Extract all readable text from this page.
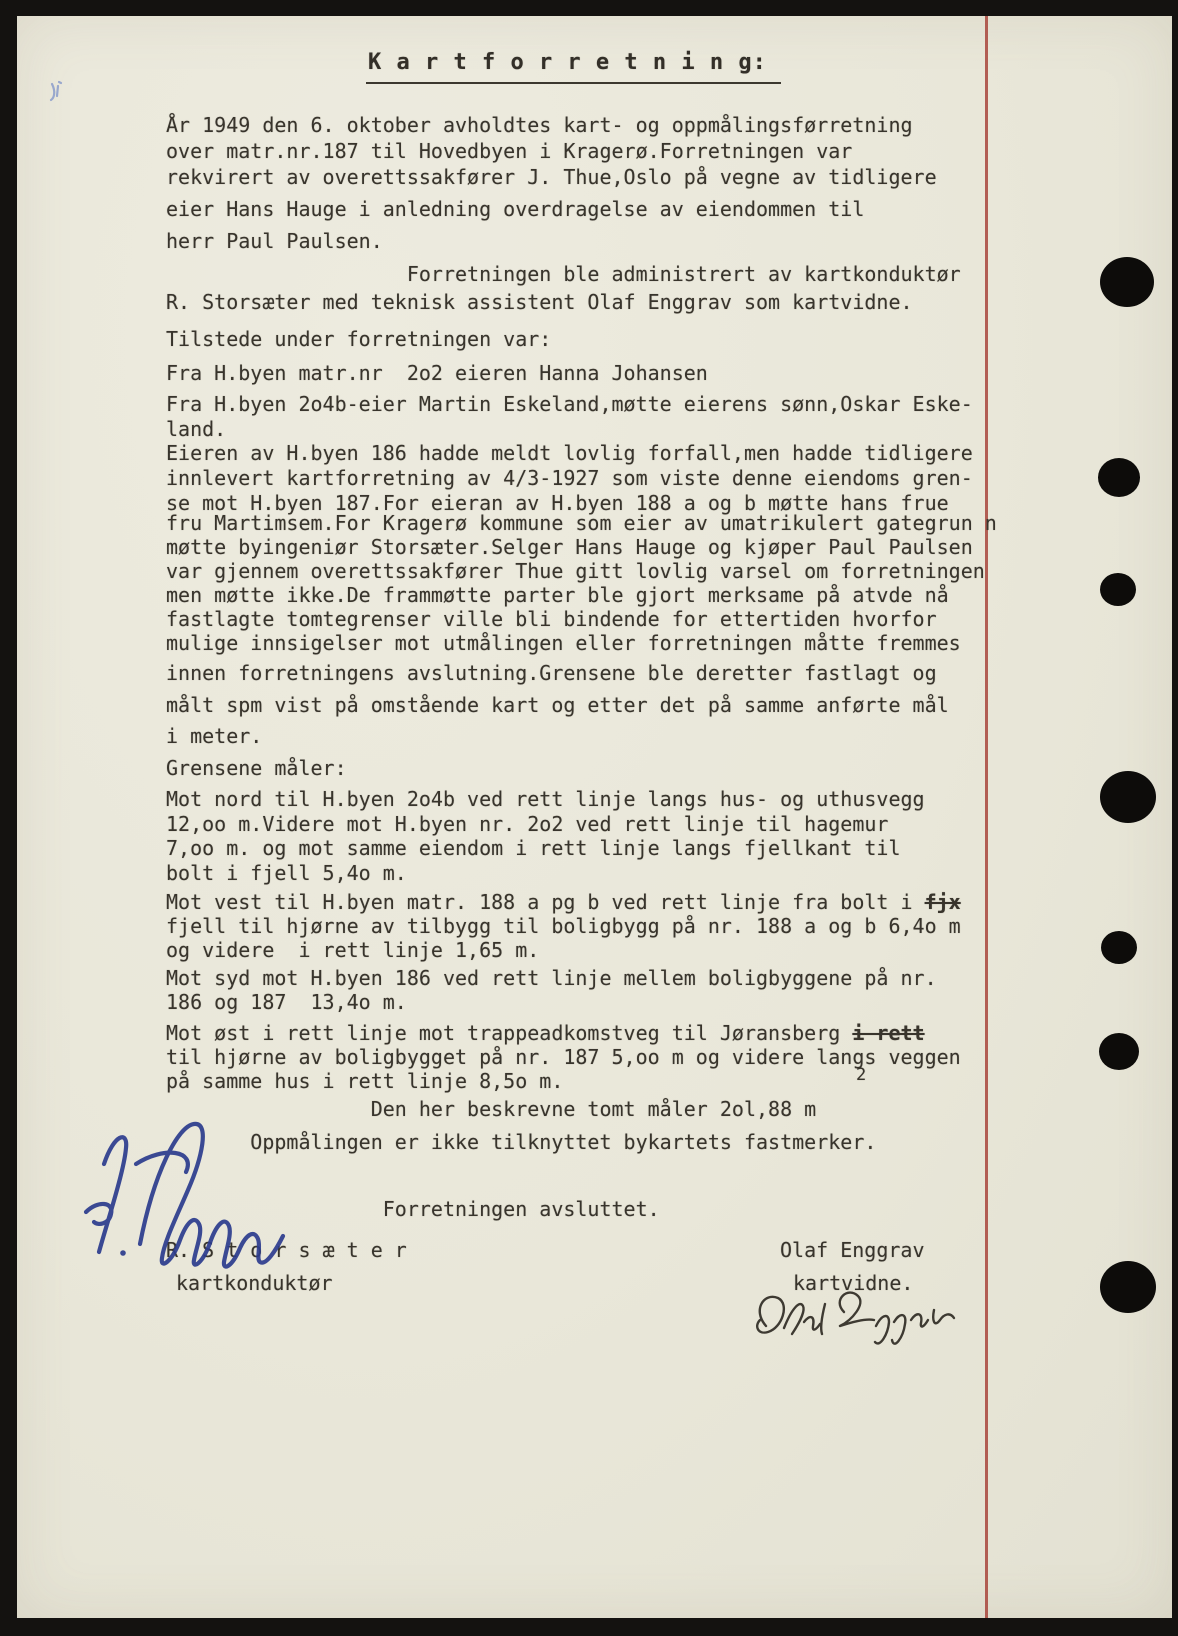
K a r t f o r r e t n i n g:
År 1949 den 6. oktober avholdtes kart- og oppmålingsførretning
over matr.nr.187 til Hovedbyen i Kragerø.Forretningen var
rekvirert av overettssakfører J. Thue,Oslo på vegne av tidligere
eier Hans Hauge i anledning overdragelse av eiendommen til
herr Paul Paulsen.
Forretningen ble administrert av kartkonduktør
R. Storsæter med teknisk assistent Olaf Enggrav som kartvidne.
Tilstede under forretningen var:
Fra H.byen matr.nr  2o2 eieren Hanna Johansen
Fra H.byen 2o4b-eier Martin Eskeland,møtte eierens sønn,Oskar Eske-
land.
Eieren av H.byen 186 hadde meldt lovlig forfall,men hadde tidligere
innlevert kartforretning av 4/3-1927 som viste denne eiendoms gren-
se mot H.byen 187.For eieran av H.byen 188 a og b møtte hans frue
fru Martimsem.For Kragerø kommune som eier av umatrikulert gategrun n
møtte byingeniør Storsæter.Selger Hans Hauge og kjøper Paul Paulsen
var gjennem overettssakfører Thue gitt lovlig varsel om forretningen
men møtte ikke.De frammøtte parter ble gjort merksame på atvde nå
fastlagte tomtegrenser ville bli bindende for ettertiden hvorfor
mulige innsigelser mot utmålingen eller forretningen måtte fremmes
innen forretningens avslutning.Grensene ble deretter fastlagt og
målt spm vist på omstående kart og etter det på samme anførte mål
i meter.
Grensene måler:
Mot nord til H.byen 2o4b ved rett linje langs hus- og uthusvegg
12,oo m.Videre mot H.byen nr. 2o2 ved rett linje til hagemur
7,oo m. og mot samme eiendom i rett linje langs fjellkant til
bolt i fjell 5,4o m.
Mot vest til H.byen matr. 188 a pg b ved rett linje fra bolt i fjx
fjell til hjørne av tilbygg til boligbygg på nr. 188 a og b 6,4o m
og videre  i rett linje 1,65 m.
Mot syd mot H.byen 186 ved rett linje mellem boligbyggene på nr.
186 og 187  13,4o m.
Mot øst i rett linje mot trappeadkomstveg til Jøransberg i rett
til hjørne av boligbygget på nr. 187 5,oo m og videre langs veggen
på samme hus i rett linje 8,5o m.	2
Den her beskrevne tomt måler 2ol,88 m
Oppmålingen er ikke tilknyttet bykartets fastmerker.
Forretningen avsluttet.
R. S t o r s æ t e r
kartkonduktør
Olaf Enggrav
kartvidne.
